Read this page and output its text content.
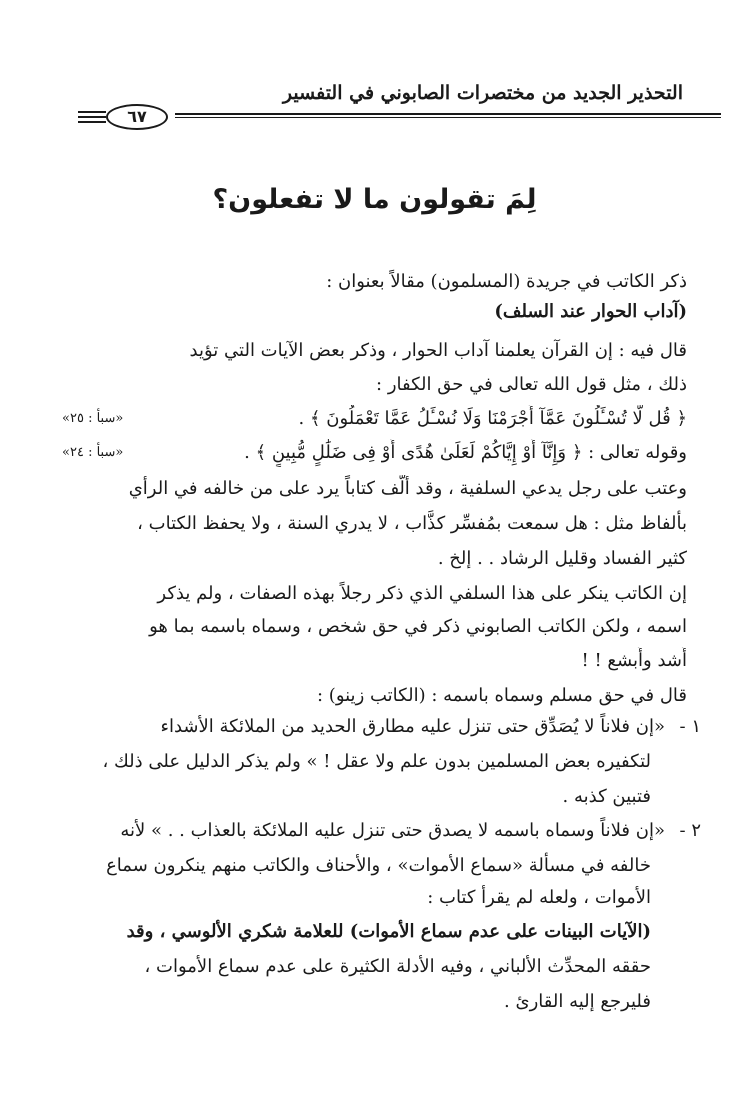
التحذير الجديد من مختصرات الصابوني في التفسير
٦٧
لِمَ تقولون ما لا تفعلون؟
ذكر الكاتب في جريدة (المسلمون) مقالاً بعنوان :
(آداب الحوار عند السلف)
قال فيه : إن القرآن يعلمنا آداب الحوار ، وذكر بعض الآيات التي تؤيد
ذلك ، مثل قول الله تعالى في حق الكفار :
﴿ قُل لَّا تُسْـَٔلُونَ عَمَّآ أَجْرَمْنَا وَلَا نُسْـَٔلُ عَمَّا تَعْمَلُونَ ﴾ .
«سبأ : ٢٥»
وقوله تعالى : ﴿ وَإِنَّآ أَوْ إِيَّاكُمْ لَعَلَىٰ هُدًى أَوْ فِى ضَلَٰلٍ مُّبِينٍ ﴾ .
«سبأ : ٢٤»
وعتب على رجل يدعي السلفية ، وقد أَلَّف كتاباً يرد على من خالفه في الرأي
بألفاظ مثل : هل سمعت بمُفسِّر كذَّاب ، لا يدري السنة ، ولا يحفظ الكتاب ،
كثير الفساد وقليل الرشاد . . إلخ .
إن الكاتب ينكر على هذا السلفي الذي ذكر رجلاً بهذه الصفات ، ولم يذكر
اسمه ، ولكن الكاتب الصابوني ذكر في حق شخص ، وسماه باسمه بما هو
أَشد وأَبشع ! !
قال في حق مسلم وسماه باسمه : (الكاتب زينو) :
١ -«إن فلاناً لا يُصَدِّق حتى تنزل عليه مطارق الحديد من الملائكة الأشداء
لتكفيره بعض المسلمين بدون علم ولا عقل ! » ولم يذكر الدليل على ذلك ،
فتبين كذبه .
٢ -«إن فلاناً وسماه باسمه لا يصدق حتى تنزل عليه الملائكة بالعذاب . . » لأنه
خالفه في مسألة «سماع الأموات» ، والأحناف والكاتب منهم ينكرون سماع
الأموات ، ولعله لم يقرأ كتاب :
(الآيات البينات على عدم سماع الأموات) للعلامة شكري الألوسي ، وقد
حققه المحدِّث الألباني ، وفيه الأدلة الكثيرة على عدم سماع الأموات ،
فليرجع إليه القارئ .
